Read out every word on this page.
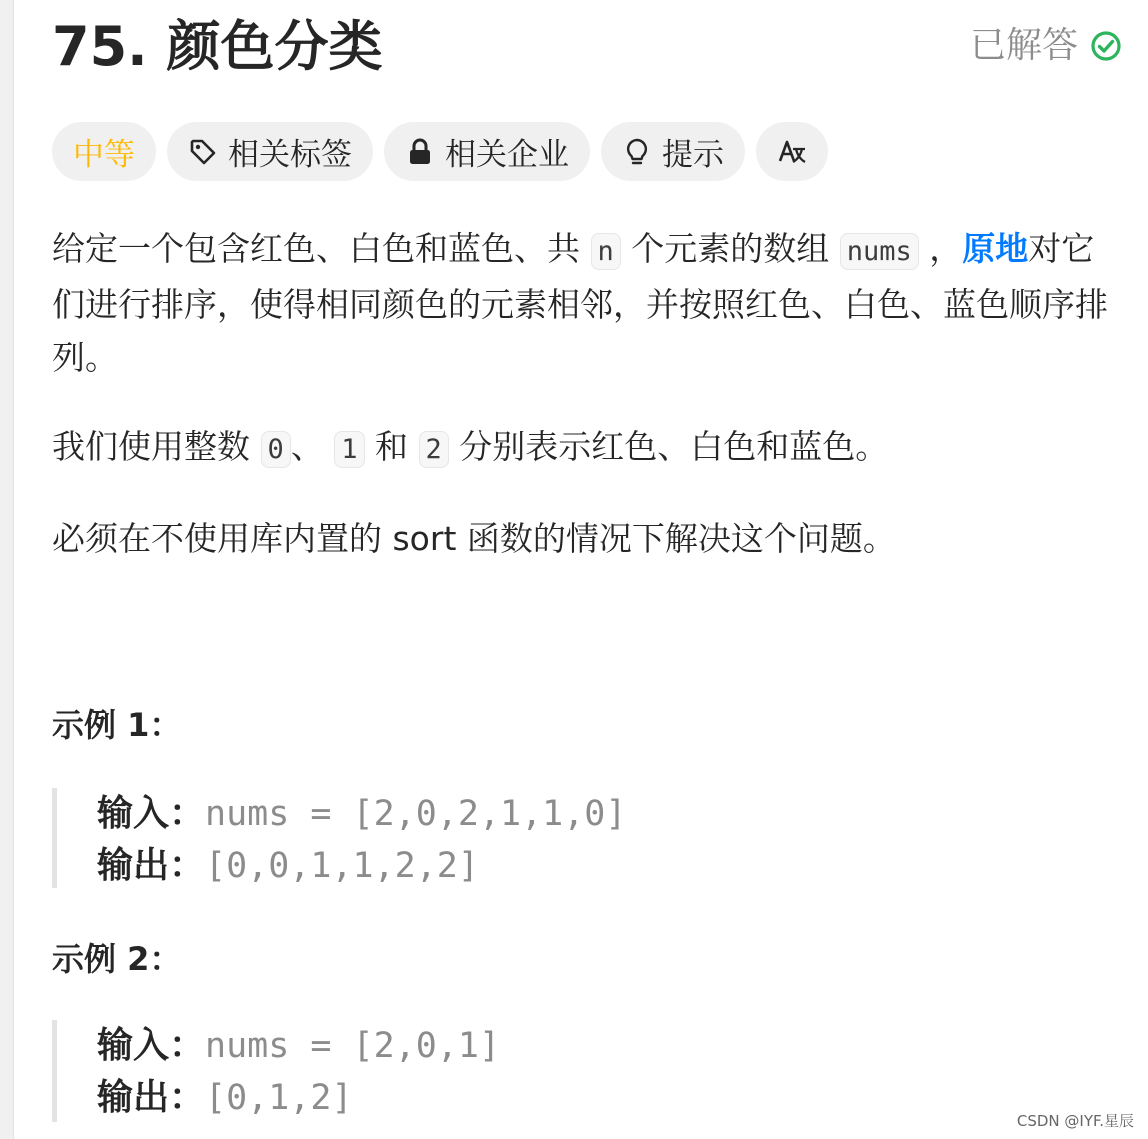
75. 颜色分类	已解答
中等	相关标签	相关企业	提示
给定一个包含红色、白色和蓝色、共 n 个元素的数组 nums ，原地对它们进行排序，使得相同颜色的元素相邻，并按照红色、白色、蓝色顺序排列。
我们使用整数 0 、 1 和 2 分别表示红色、白色和蓝色。
必须在不使用库内置的 sort 函数的情况下解决这个问题。
示例 1：
输入：nums = [2,0,2,1,1,0]
输出：[0,0,1,1,2,2]
示例 2：
输入：nums = [2,0,1]
输出：[0,1,2]
CSDN @IYF.星辰
